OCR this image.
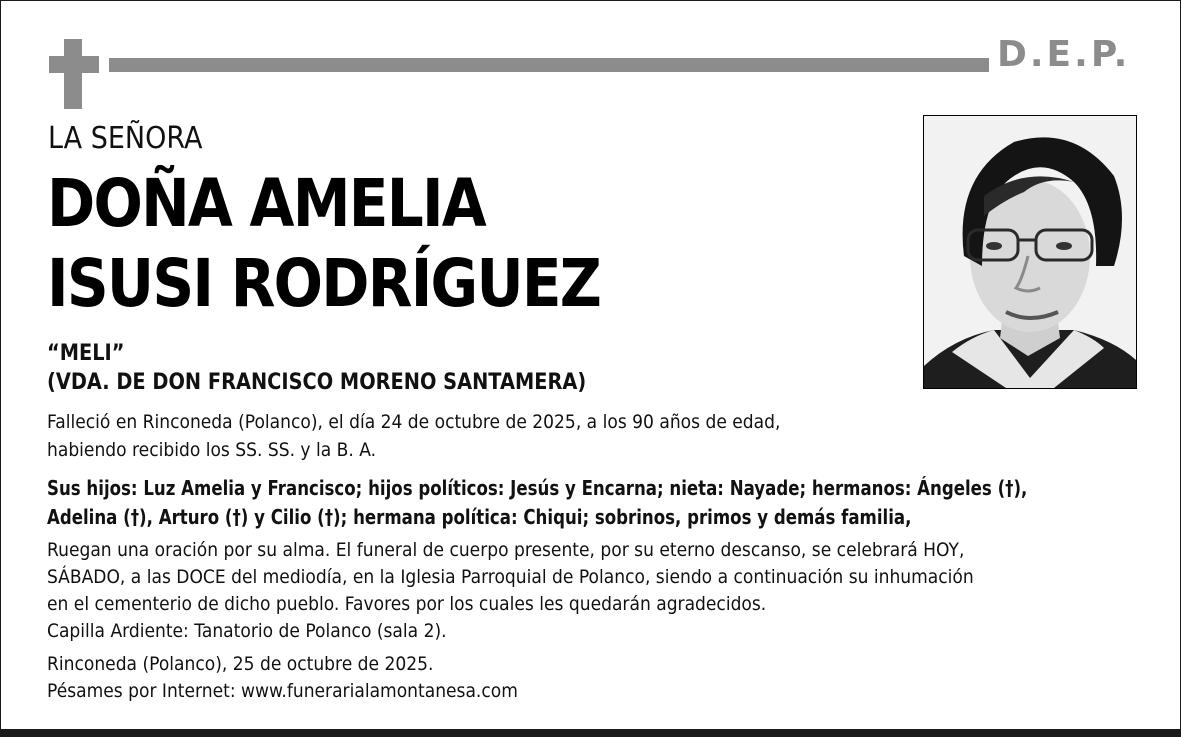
D.E.P.
LA SEÑORA
DOÑA AMELIA
ISUSI RODRÍGUEZ
“MELI”
(VDA. DE DON FRANCISCO MORENO SANTAMERA)
Falleció en Rinconeda (Polanco), el día 24 de octubre de 2025, a los 90 años de edad,
habiendo recibido los SS. SS. y la B. A.
Sus hijos: Luz Amelia y Francisco; hijos políticos: Jesús y Encarna; nieta: Nayade; hermanos: Ángeles (†),
Adelina (†), Arturo (†) y Cilio (†); hermana política: Chiqui; sobrinos, primos y demás familia,
Ruegan una oración por su alma. El funeral de cuerpo presente, por su eterno descanso, se celebrará HOY,
SÁBADO, a las DOCE del mediodía, en la Iglesia Parroquial de Polanco, siendo a continuación su inhumación
en el cementerio de dicho pueblo. Favores por los cuales les quedarán agradecidos.
Capilla Ardiente: Tanatorio de Polanco (sala 2).
Rinconeda (Polanco), 25 de octubre de 2025.
Pésames por Internet: www.funerarialamontanesa.com
